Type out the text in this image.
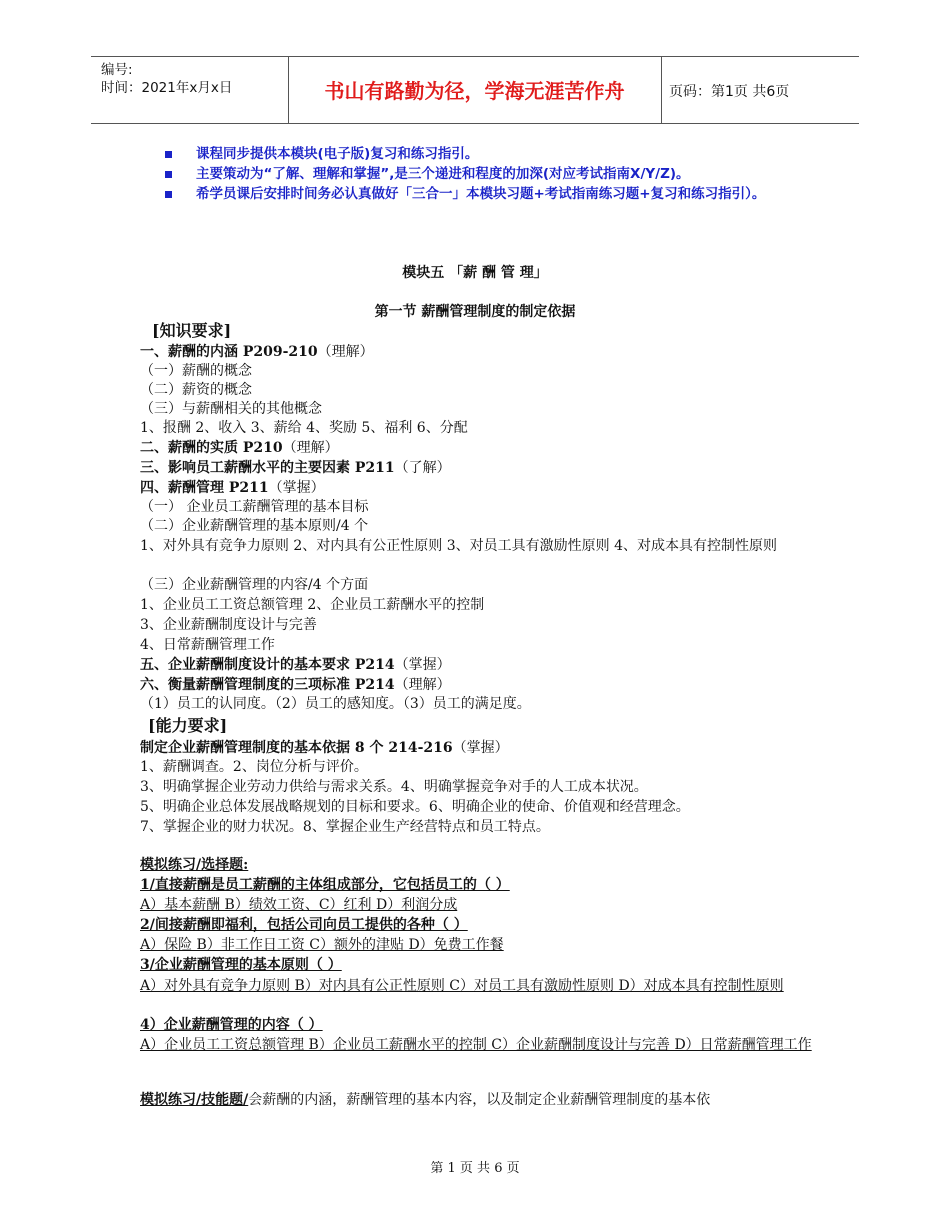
编号:
时间：2021年x月x日	书山有路勤为径，学海无涯苦作舟	页码：第1页 共6页
课程同步提供本模块(电子版)复习和练习指引。
主要策动为“了解、理解和掌握”,是三个递进和程度的加深(对应考试指南X/Y/Z)。
希学员课后安排时间务必认真做好「三合一」本模块习题+考试指南练习题+复习和练习指引）。
模块五 「薪 酬 管 理」
第一节 薪酬管理制度的制定依据
[知识要求]
一、薪酬的内涵 P209-210（理解）
（一）薪酬的概念
（二）薪资的概念
（三）与薪酬相关的其他概念
1、报酬 2、收入 3、薪给 4、奖励 5、福利 6、分配
二、薪酬的实质 P210（理解）
三、影响员工薪酬水平的主要因素 P211（了解）
四、薪酬管理 P211（掌握）
（一） 企业员工薪酬管理的基本目标
（二）企业薪酬管理的基本原则/4 个
1、对外具有竞争力原则 2、对内具有公正性原则 3、对员工具有激励性原则 4、对成本具有控制性原则
（三）企业薪酬管理的内容/4 个方面
1、企业员工工资总额管理 2、企业员工薪酬水平的控制
3、企业薪酬制度设计与完善
4、日常薪酬管理工作
五、企业薪酬制度设计的基本要求 P214（掌握）
六、衡量薪酬管理制度的三项标准 P214（理解）
（1）员工的认同度。（2）员工的感知度。（3）员工的满足度。
[能力要求]
制定企业薪酬管理制度的基本依据 8 个 214-216（掌握）
1、薪酬调查。2、岗位分析与评价。
3、明确掌握企业劳动力供给与需求关系。4、明确掌握竞争对手的人工成本状况。
5、明确企业总体发展战略规划的目标和要求。6、明确企业的使命、价值观和经营理念。
7、掌握企业的财力状况。8、掌握企业生产经营特点和员工特点。
模拟练习/选择题:
1/直接薪酬是员工薪酬的主体组成部分，它包括员工的（ ）
A）基本薪酬 B）绩效工资、C）红利 D）利润分成
2/间接薪酬即福利，包括公司向员工提供的各种（ ）
A）保险 B）非工作日工资 C）额外的津贴 D）免费工作餐
3/企业薪酬管理的基本原则（ ）
A）对外具有竞争力原则 B）对内具有公正性原则 C）对员工具有激励性原则 D）对成本具有控制性原则
4）企业薪酬管理的内容（ ）
A）企业员工工资总额管理 B）企业员工薪酬水平的控制 C）企业薪酬制度设计与完善 D）日常薪酬管理工作
模拟练习/技能题/会薪酬的内涵，薪酬管理的基本内容，以及制定企业薪酬管理制度的基本依
第 1 页 共 6 页
